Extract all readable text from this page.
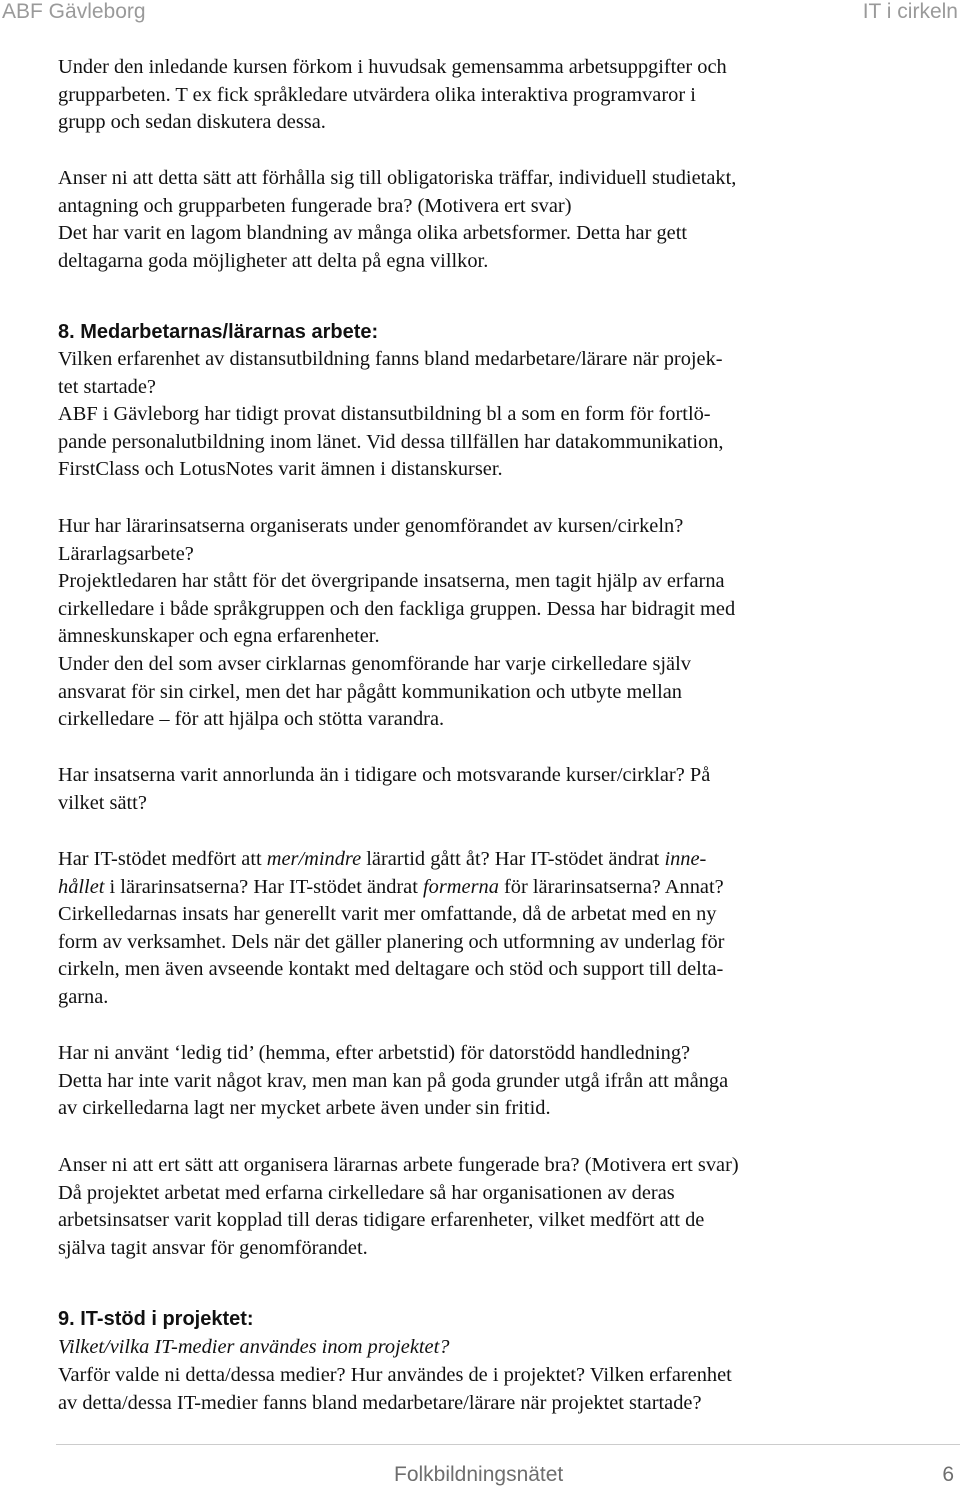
ABF Gävleborg	IT i cirkeln
Under den inledande kursen förkom i huvudsak gemensamma arbetsuppgifter och
grupparbeten. T ex fick språkledare utvärdera olika interaktiva programvaror i
grupp och sedan diskutera dessa.
Anser ni att detta sätt att förhålla sig till obligatoriska träffar, individuell studietakt,
antagning och grupparbeten fungerade bra? (Motivera ert svar)
Det har varit en lagom blandning av många olika arbetsformer. Detta har gett
deltagarna goda möjligheter att delta på egna villkor.
8. Medarbetarnas/lärarnas arbete:
Vilken erfarenhet av distansutbildning fanns bland medarbetare/lärare när projek-
tet startade?
ABF i Gävleborg har tidigt provat distansutbildning bl a som en form för fortlö-
pande personalutbildning inom länet. Vid dessa tillfällen har datakommunikation,
FirstClass och LotusNotes varit ämnen i distanskurser.
Hur har lärarinsatserna organiserats under genomförandet av kursen/cirkeln?
Lärarlagsarbete?
Projektledaren har stått för det övergripande insatserna, men tagit hjälp av erfarna
cirkelledare i både språkgruppen och den fackliga gruppen. Dessa har bidragit med
ämneskunskaper och egna erfarenheter.
Under den del som avser cirklarnas genomförande har varje cirkelledare själv
ansvarat för sin cirkel, men det har pågått kommunikation och utbyte mellan
cirkelledare – för att hjälpa och stötta varandra.
Har insatserna varit annorlunda än i tidigare och motsvarande kurser/cirklar? På
vilket sätt?
Har IT-stödet medfört att mer/mindre lärartid gått åt? Har IT-stödet ändrat inne-
hållet i lärarinsatserna? Har IT-stödet ändrat formerna för lärarinsatserna? Annat?
Cirkelledarnas insats har generellt varit mer omfattande, då de arbetat med en ny
form av verksamhet. Dels när det gäller planering och utformning av underlag för
cirkeln, men även avseende kontakt med deltagare och stöd och support till delta-
garna.
Har ni använt ‘ledig tid’ (hemma, efter arbetstid) för datorstödd handledning?
Detta har inte varit något krav, men man kan på goda grunder utgå ifrån att många
av cirkelledarna lagt ner mycket arbete även under sin fritid.
Anser ni att ert sätt att organisera lärarnas arbete fungerade bra? (Motivera ert svar)
Då projektet arbetat med erfarna cirkelledare så har organisationen av deras
arbetsinsatser varit kopplad till deras tidigare erfarenheter, vilket medfört att de
själva tagit ansvar för genomförandet.
9. IT-stöd i projektet:
Vilket/vilka IT-medier användes inom projektet?
Varför valde ni detta/dessa medier? Hur användes de i projektet? Vilken erfarenhet
av detta/dessa IT-medier fanns bland medarbetare/lärare när projektet startade?
Folkbildningsnätet	6
